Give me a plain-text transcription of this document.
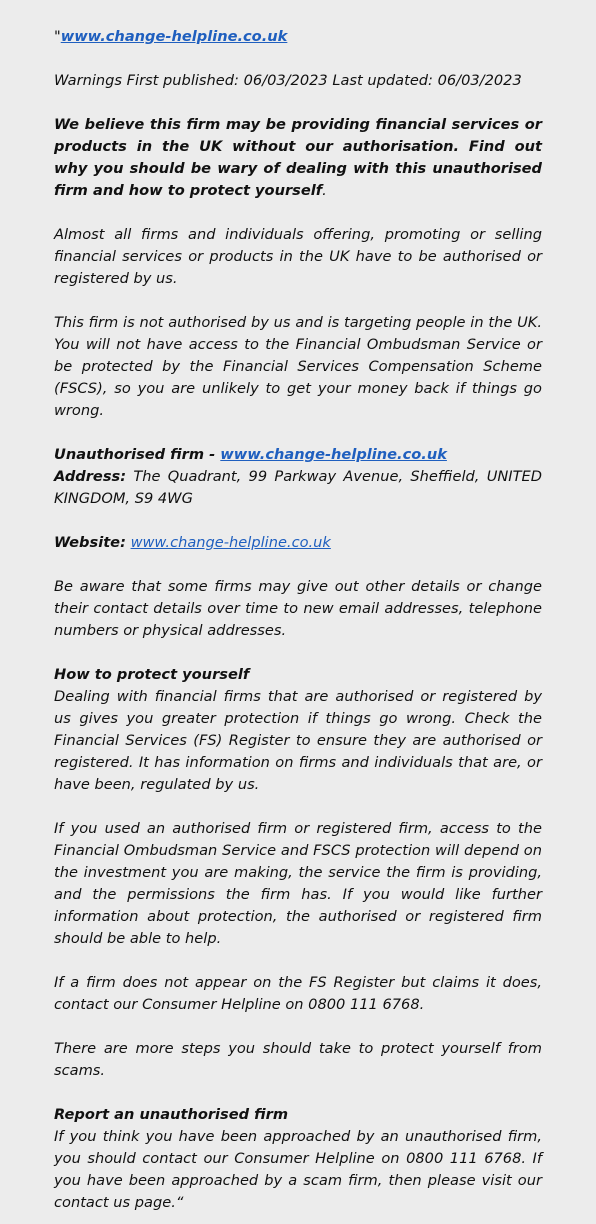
"www.change-helpline.co.uk

Warnings First published: 06/03/2023 Last updated: 06/03/2023

We believe this firm may be providing financial services or products in the UK without our authorisation. Find out why you should be wary of dealing with this unauthorised firm and how to protect yourself.

Almost all firms and individuals offering, promoting or selling financial services or products in the UK have to be authorised or registered by us.

This firm is not authorised by us and is targeting people in the UK. You will not have access to the Financial Ombudsman Service or be protected by the Financial Services Compensation Scheme (FSCS), so you are unlikely to get your money back if things go wrong.

Unauthorised firm - www.change-helpline.co.uk

Address: The Quadrant, 99 Parkway Avenue, Sheffield, UNITED KINGDOM, S9 4WG

Website: www.change-helpline.co.uk

Be aware that some firms may give out other details or change their contact details over time to new email addresses, telephone numbers or physical addresses.

How to protect yourself

Dealing with financial firms that are authorised or registered by us gives you greater protection if things go wrong. Check the Financial Services (FS) Register to ensure they are authorised or registered. It has information on firms and individuals that are, or have been, regulated by us.

If you used an authorised firm or registered firm, access to the Financial Ombudsman Service and FSCS protection will depend on the investment you are making, the service the firm is providing, and the permissions the firm has. If you would like further information about protection, the authorised or registered firm should be able to help.

If a firm does not appear on the FS Register but claims it does, contact our Consumer Helpline on 0800 111 6768.

There are more steps you should take to protect yourself from scams.

Report an unauthorised firm

If you think you have been approached by an unauthorised firm, you should contact our Consumer Helpline on 0800 111 6768. If you have been approached by a scam firm, then please visit our contact us page.“
